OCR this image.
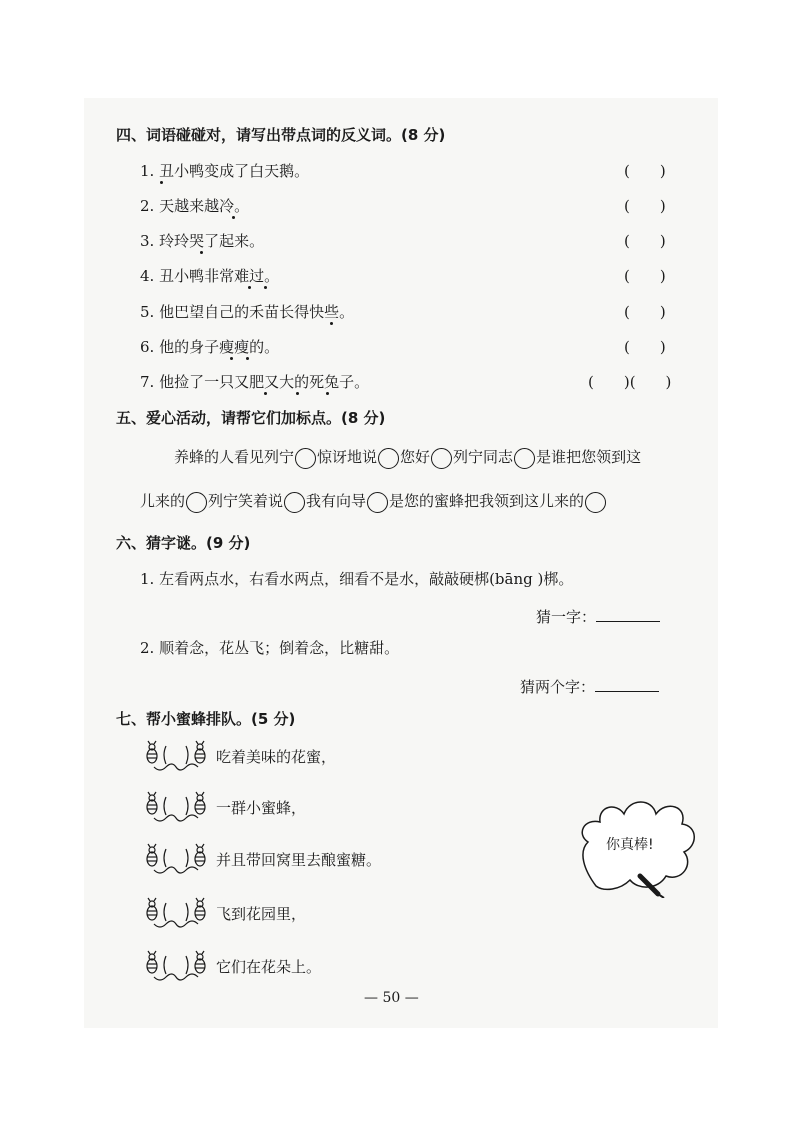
四、词语碰碰对，请写出带点词的反义词。(8 分)
1. 丑小鸭变成了白天鹅。	(　　)
2. 天越来越冷。	(　　)
3. 玲玲哭了起来。	(　　)
4. 丑小鸭非常难过。	(　　)
5. 他巴望自己的禾苗长得快些。	(　　)
6. 他的身子瘦瘦的。	(　　)
7. 他捡了一只又肥又大的死兔子。	(　　)(　　)
五、爱心活动，请帮它们加标点。(8 分)
养蜂的人看见列宁 惊讶地说 您好 列宁同志 是谁把您领到这
儿来的 列宁笑着说 我有向导 是您的蜜蜂把我领到这儿来的
六、猜字谜。(9 分)
1. 左看两点水，右看水两点，细看不是水，敲敲硬梆(bāng )梆。
猜一字：
2. 顺着念，花丛飞；倒着念，比糖甜。
猜两个字：
七、帮小蜜蜂排队。(5 分)
吃着美味的花蜜，
一群小蜜蜂，
并且带回窝里去酿蜜糖。
飞到花园里，
它们在花朵上。
你真棒!
— 50 —
